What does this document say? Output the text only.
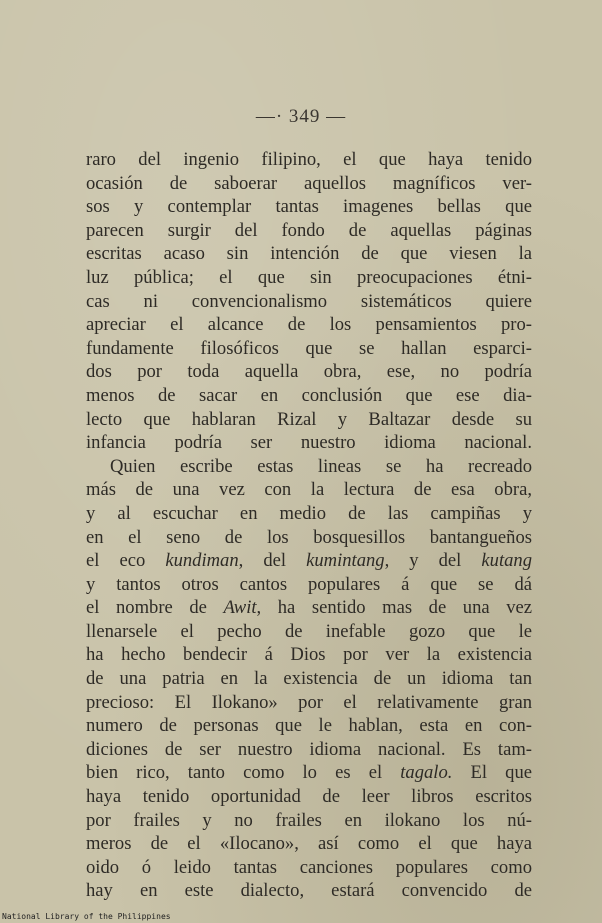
—· 349 —
raro del ingenio filipino, el que haya tenido
ocasión de saboerar aquellos magníficos ver-
sos y contemplar tantas imagenes bellas que
parecen surgir del fondo de aquellas páginas
escritas acaso sin intención de que viesen la
luz pública; el que sin preocupaciones étni-
cas ni convencionalismo sistemáticos quiere
apreciar el alcance de los pensamientos pro-
fundamente filosóficos que se hallan esparci-
dos por toda aquella obra, ese, no podría
menos de sacar en conclusión que ese dia-
lecto que hablaran Rizal y Baltazar desde su
infancia podría ser nuestro idioma nacional.
Quien escribe estas lineas se ha recreado
más de una vez con la lectura de esa obra,
y al escuchar en medio de las campiñas y
en el seno de los bosquesillos bantangueños
el eco kundiman, del kumintang, y del kutang
y tantos otros cantos populares á que se dá
el nombre de Awit, ha sentido mas de una vez
llenarsele el pecho de inefable gozo que le
ha hecho bendecir á Dios por ver la existencia
de una patria en la existencia de un idioma tan
precioso: El Ilokano» por el relativamente gran
numero de personas que le hablan, esta en con-
diciones de ser nuestro idioma nacional. Es tam-
bien rico, tanto como lo es el tagalo. El que
haya tenido oportunidad de leer libros escritos
por frailes y no frailes en ilokano los nú-
meros de el «Ilocano», así como el que haya
oido ó leido tantas canciones populares como
hay en este dialecto, estará convencido de
National Library of the Philippines
